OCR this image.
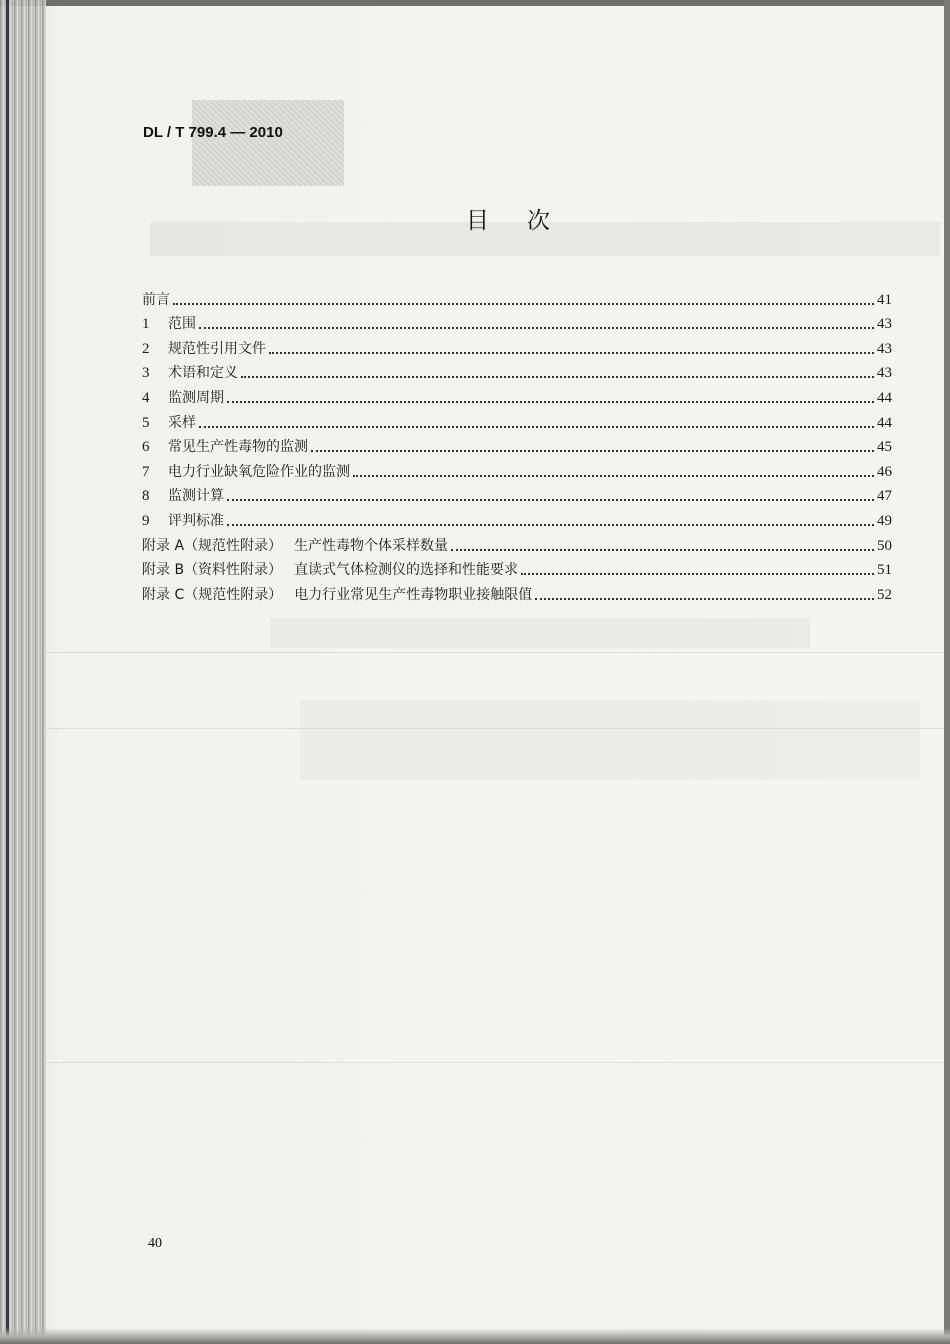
DL / T 799.4 — 2010
目次
前言	41
1 范围	43
2 规范性引用文件	43
3 术语和定义	43
4 监测周期	44
5 采样	44
6 常见生产性毒物的监测	45
7 电力行业缺氧危险作业的监测	46
8 监测计算	47
9 评判标准	49
附录 A（规范性附录） 生产性毒物个体采样数量	50
附录 B（资料性附录） 直读式气体检测仪的选择和性能要求	51
附录 C（规范性附录） 电力行业常见生产性毒物职业接触限值	52
40
